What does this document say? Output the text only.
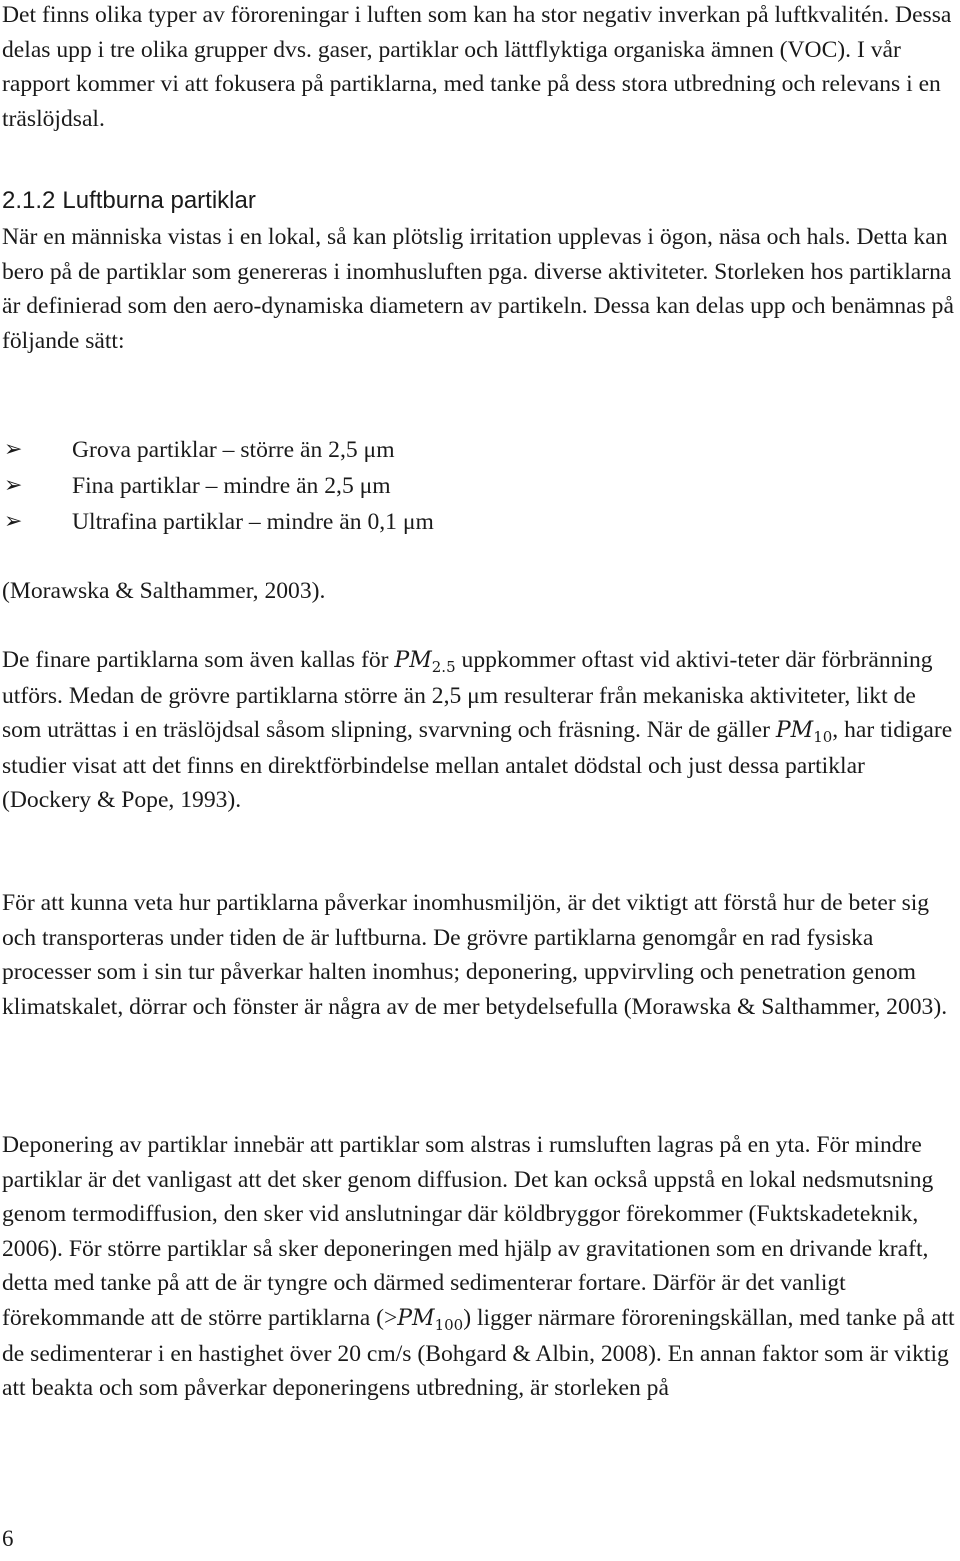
Det finns olika typer av föroreningar i luften som kan ha stor negativ inverkan på luftkvalitén. Dessa delas upp i tre olika grupper dvs. gaser, partiklar och lättflyktiga organiska ämnen (VOC). I vår rapport kommer vi att fokusera på partiklarna, med tanke på dess stora utbredning och relevans i en träslöjdsal.

2.1.2 Luftburna partiklar

När en människa vistas i en lokal, så kan plötslig irritation upplevas i ögon, näsa och hals. Detta kan bero på de partiklar som genereras i inomhusluften pga. diverse aktiviteter. Storleken hos partiklarna är definierad som den aero-dynamiska diametern av partikeln. Dessa kan delas upp och benämnas på följande sätt:

➢ Grova partiklar – större än 2,5 μm
➢ Fina partiklar – mindre än 2,5 μm
➢ Ultrafina partiklar – mindre än 0,1 μm

(Morawska & Salthammer, 2003).

De finare partiklarna som även kallas för $PM_{2.5}$ uppkommer oftast vid aktivi-teter där förbränning utförs. Medan de grövre partiklarna större än 2,5 μm resulterar från mekaniska aktiviteter, likt de som uträttas i en träslöjdsal såsom slipning, svarvning och fräsning. När de gäller $PM_{10}$, har tidigare studier visat att det finns en direktförbindelse mellan antalet dödstal och just dessa partiklar (Dockery & Pope, 1993).

För att kunna veta hur partiklarna påverkar inomhusmiljön, är det viktigt att förstå hur de beter sig och transporteras under tiden de är luftburna. De grövre partiklarna genomgår en rad fysiska processer som i sin tur påverkar halten inomhus; deponering, uppvirvling och penetration genom klimatskalet, dörrar och fönster är några av de mer betydelsefulla (Morawska & Salthammer, 2003).

Deponering av partiklar innebär att partiklar som alstras i rumsluften lagras på en yta. För mindre partiklar är det vanligast att det sker genom diffusion. Det kan också uppstå en lokal nedsmutsning genom termodiffusion, den sker vid anslutningar där köldbryggor förekommer (Fuktskadeteknik, 2006). För större partiklar så sker deponeringen med hjälp av gravitationen som en drivande kraft, detta med tanke på att de är tyngre och därmed sedimenterar fortare. Därför är det vanligt förekommande att de större partiklarna $(>PM_{100})$ ligger närmare föroreningskällan, med tanke på att de sedimenterar i en hastighet över 20 cm/s (Bohgard & Albin, 2008). En annan faktor som är viktig att beakta och som påverkar deponeringens utbredning, är storleken på

6
